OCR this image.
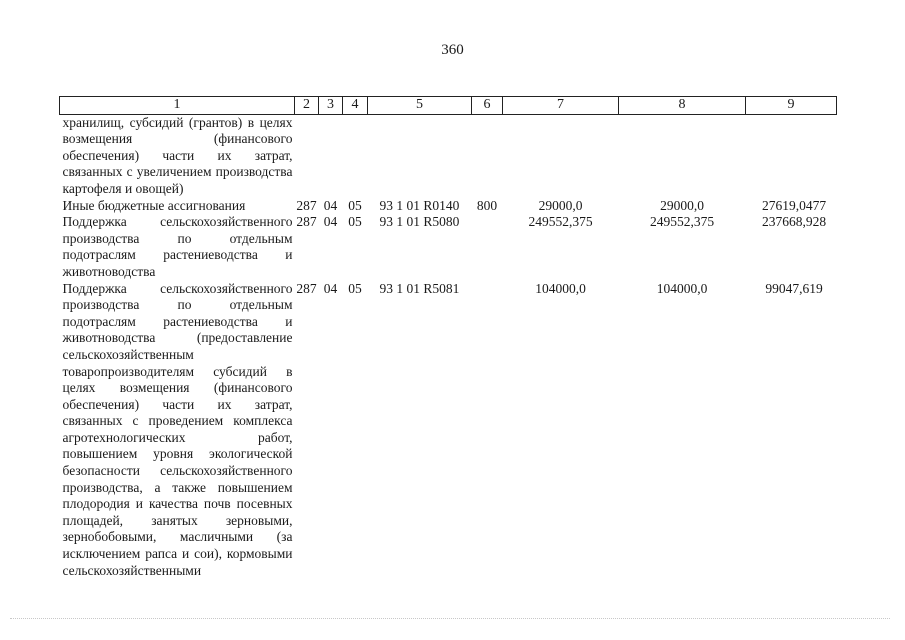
360
1	2	3	4	5	6	7	8	9
хранилищ, субсидий (грантов) в целях возмещения (финансового обеспечения) части их затрат, связанных с увеличением производства картофеля и овощей)								
Иные бюджетные ассигнования	287	04	05	93 1 01 R0140	800	29000,0	29000,0	27619,0477
Поддержка сельскохозяйственного производства по отдельным подотраслям растениеводства и животноводства	287	04	05	93 1 01 R5080		249552,375	249552,375	237668,928
Поддержка сельскохозяйственного производства по отдельным подотраслям растениеводства и животноводства (предоставление сельскохозяйственным товаропроизводителям субсидий в целях возмещения (финансового обеспечения) части их затрат, связанных с проведением комплекса агротехнологических работ, повышением уровня экологической безопасности сельскохозяйственного производства, а также повышением плодородия и качества почв посевных площадей, занятых зерновыми, зернобобовыми, масличными (за исключением рапса и сои), кормовыми сельскохозяйственными	287	04	05	93 1 01 R5081		104000,0	104000,0	99047,619
